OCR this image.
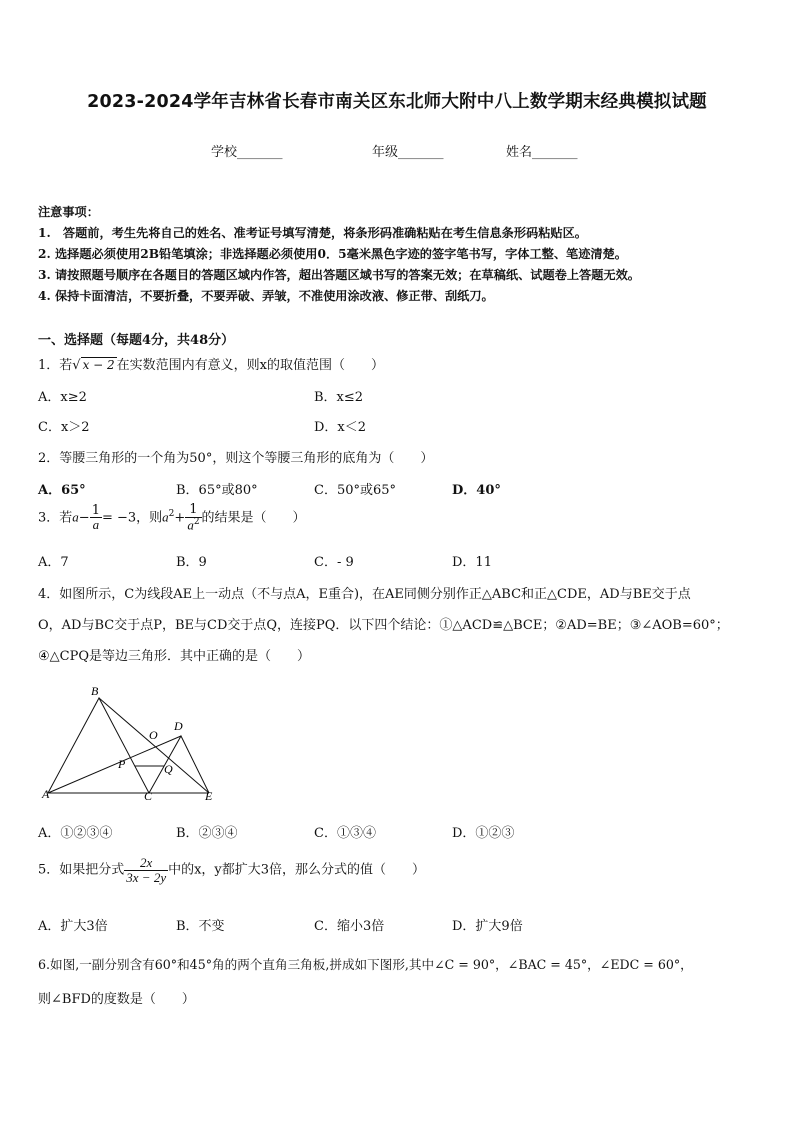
2023-2024学年吉林省长春市南关区东北师大附中八上数学期末经典模拟试题
学校_______	年级_______	姓名_______
注意事项：
1.　答题前，考生先将自己的姓名、准考证号填写清楚，将条形码准确粘贴在考生信息条形码粘贴区。
2. 选择题必须使用2B铅笔填涂；非选择题必须使用0．5毫米黑色字迹的签字笔书写，字体工整、笔迹清楚。
3. 请按照题号顺序在各题目的答题区域内作答，超出答题区域书写的答案无效；在草稿纸、试题卷上答题无效。
4. 保持卡面清洁，不要折叠，不要弄破、弄皱，不准使用涂改液、修正带、刮纸刀。
一、选择题（每题4分，共48分）
1．若√ x − 2 在实数范围内有意义，则x的取值范围（　　）
A．x≥2	B．x≤2
C．x＞2	D．x＜2
2．等腰三角形的一个角为50°，则这个等腰三角形的底角为（　　）
A．65°	B．65°或80°	C．50°或65°	D．40°
3．若$a- \frac{1}{a} = -3$，则$a^2+ \frac{1}{a^2}$ 的结果是（　　）
A．7	B．9	C．- 9	D．11
4．如图所示，C为线段AE上一动点（不与点A，E重合)，在AE同侧分别作正△ABC和正△CDE，AD与BE交于点
O，AD与BC交于点P，BE与CD交于点Q，连接PQ．以下四个结论：①△ACD≌△BCE；②AD=BE；③∠AOB=60°；
④△CPQ是等边三角形．其中正确的是（　　）
B
D
O
P	Q
A	C	E
A．①②③④	B．②③④	C．①③④	D．①②③
5．如果把分式 $\frac{2x}{3x - 2y}$ 中的x，y都扩大3倍，那么分式的值（　　）
A．扩大3倍	B．不变	C．缩小3倍	D．扩大9倍
6.如图,一副分别含有60°和45°角的两个直角三角板,拼成如下图形,其中∠C = 90°，∠BAC = 45°，∠EDC = 60°，
则∠BFD的度数是（　　）
